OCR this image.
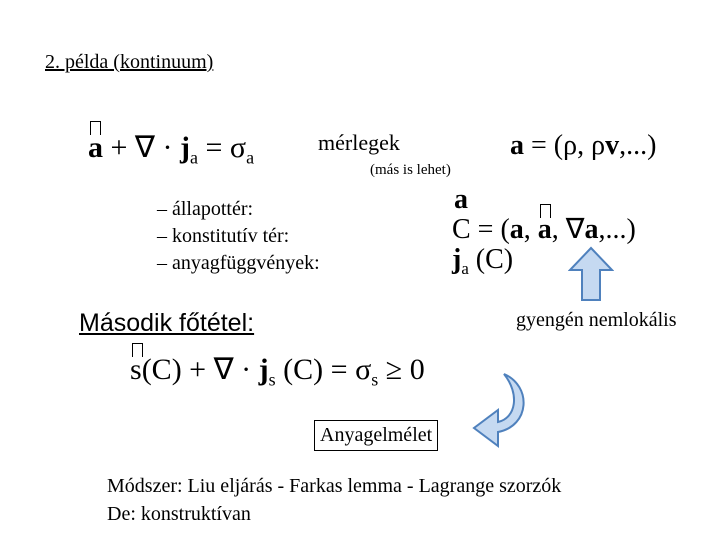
2. példa (kontinuum)
a + ∇ · $j_a = \sigma_a$
mérlegek
(más is lehet)
a = (ρ, ρv,...)
– állapottér:
– konstitutív tér:
– anyagfüggvények:
a
C = (a,
a, ∇a,...)
$j_a$ (C)
Második főtétel:	gyengén nemlokális
s(C) + ∇ · $j_s$ $(C) = \sigma_s \ge 0$
Anyagelmélet
Módszer: Liu eljárás - Farkas lemma - Lagrange szorzók
De: konstruktívan
